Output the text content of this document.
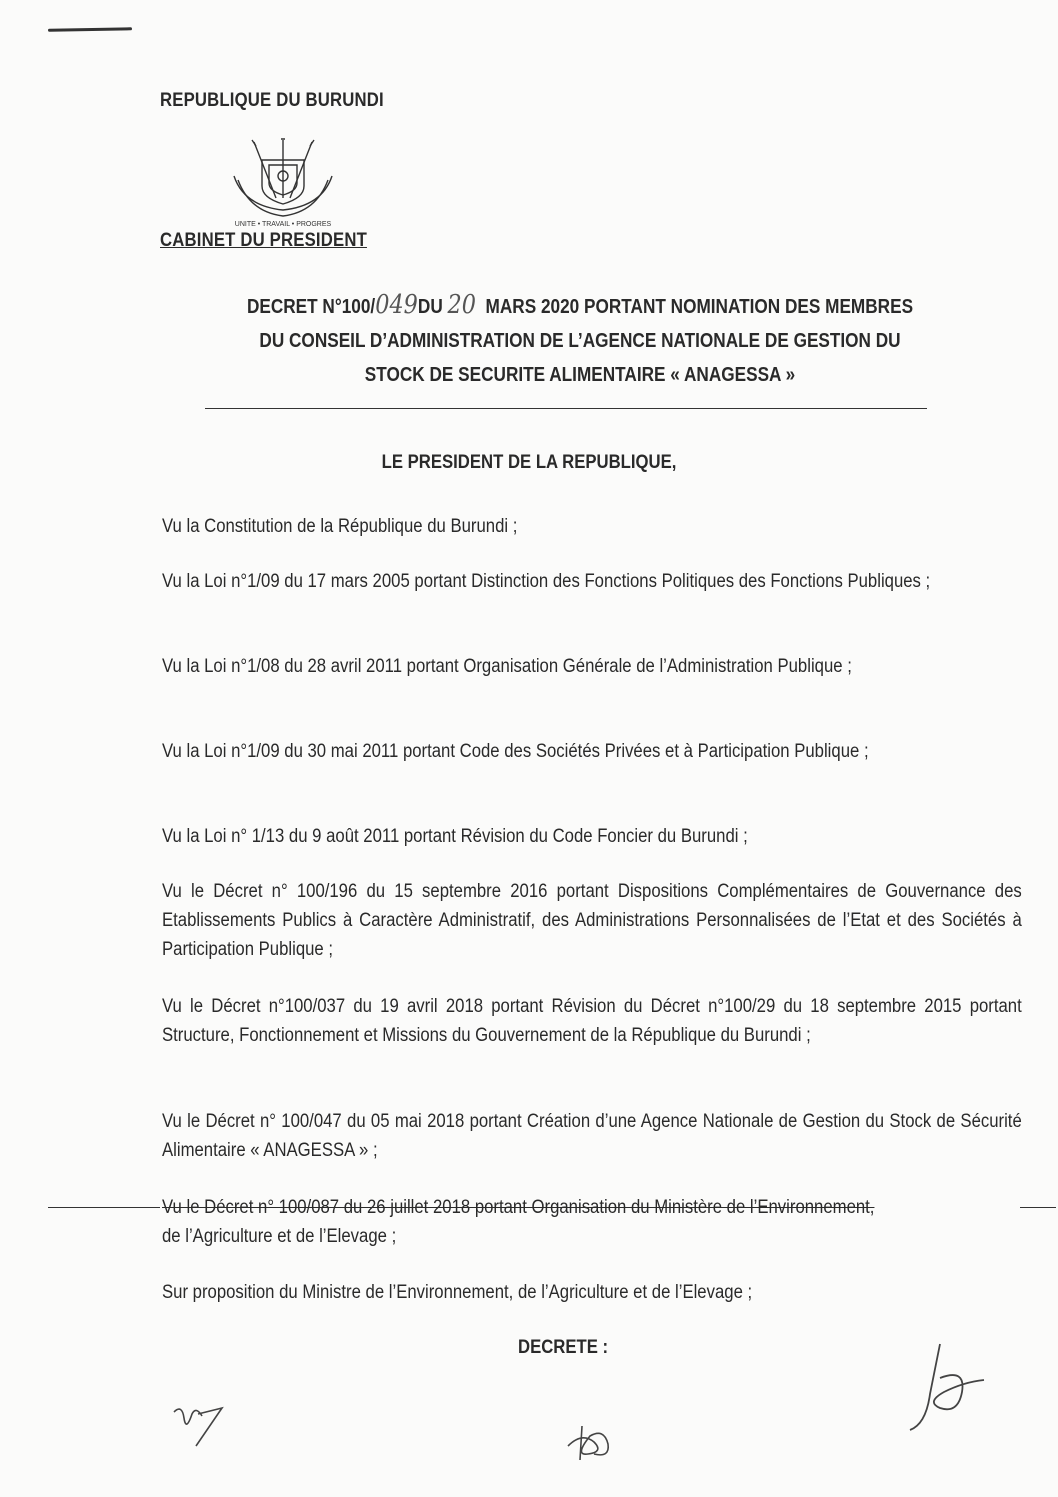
REPUBLIQUE DU BURUNDI
UNITE • TRAVAIL • PROGRES
CABINET DU PRESIDENT
DECRET N°100/049DU 20 MARS 2020 PORTANT NOMINATION DES MEMBRES
DU CONSEIL D’ADMINISTRATION DE L’AGENCE NATIONALE DE GESTION DU
STOCK DE SECURITE ALIMENTAIRE « ANAGESSA »
LE PRESIDENT DE LA REPUBLIQUE,
Vu la Constitution de la République du Burundi ;
Vu la Loi n°1/09 du 17 mars 2005 portant Distinction des Fonctions Politiques des Fonctions Publiques ;
Vu la Loi n°1/08 du 28 avril 2011 portant Organisation Générale de l’Administration Publique ;
Vu la Loi n°1/09 du 30 mai 2011 portant Code des Sociétés Privées et à Participation Publique ;
Vu la Loi n° 1/13 du 9 août 2011 portant Révision du Code Foncier du Burundi ;
Vu le Décret n° 100/196 du 15 septembre 2016 portant Dispositions Complémentaires de Gouvernance des Etablissements Publics à Caractère Administratif, des Administrations Personnalisées de l’Etat et des Sociétés à Participation Publique ;
Vu le Décret n°100/037 du 19 avril 2018 portant Révision du Décret n°100/29 du 18 septembre 2015 portant Structure, Fonctionnement et Missions du Gouvernement de la République du Burundi ;
Vu le Décret n° 100/047 du 05 mai 2018 portant Création d’une Agence Nationale de Gestion du Stock de Sécurité Alimentaire « ANAGESSA » ;
Vu le Décret n° 100/087 du 26 juillet 2018 portant Organisation du Ministère de l’Environnement,
de l’Agriculture et de l’Elevage ;
Sur proposition du Ministre de l’Environnement, de l’Agriculture et de l’Elevage ;
DECRETE :
